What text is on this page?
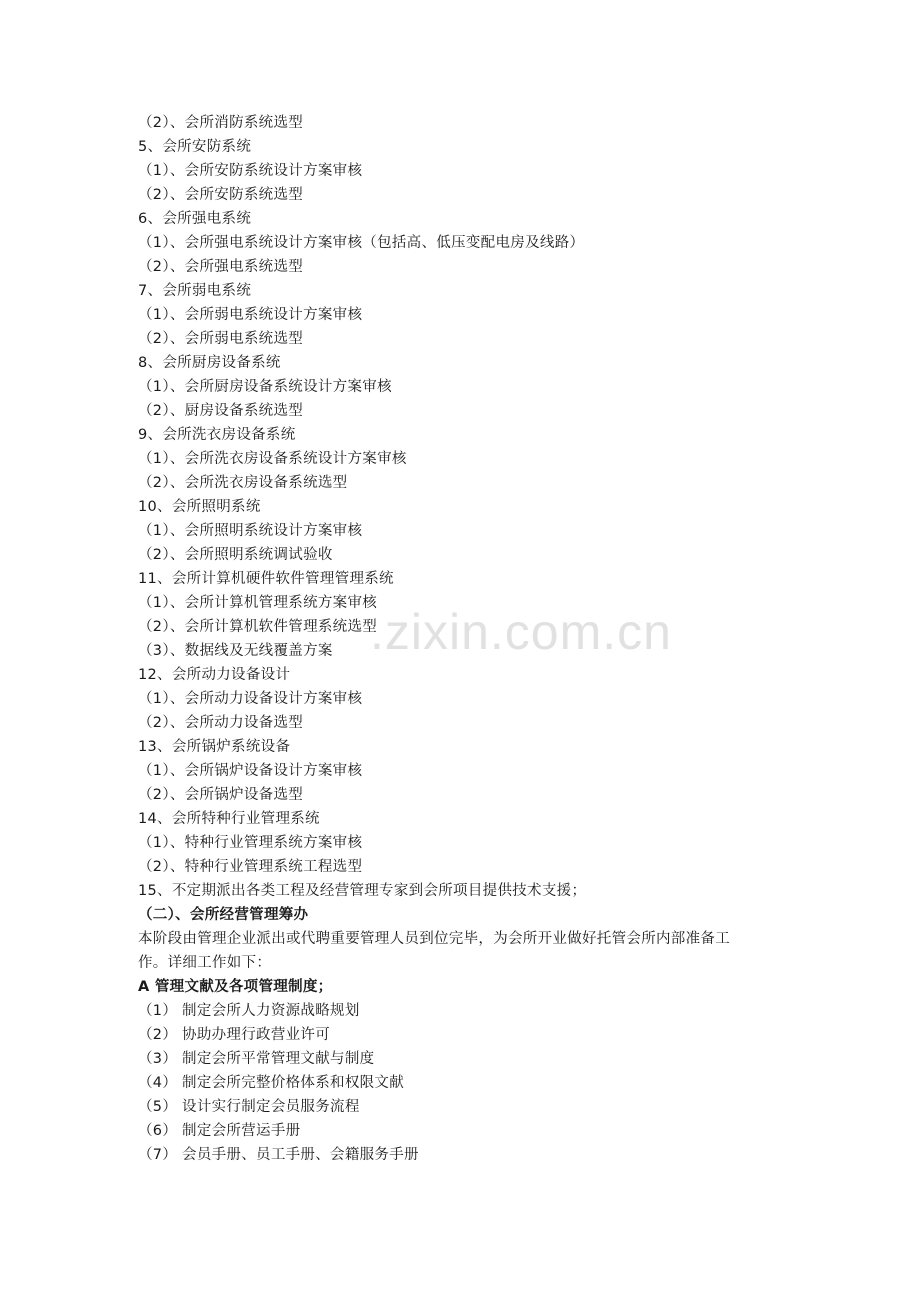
.zixin.com.cn
（2）、会所消防系统选型
5、会所安防系统
（1）、会所安防系统设计方案审核
（2）、会所安防系统选型
6、会所强电系统
（1）、会所强电系统设计方案审核（包括高、低压变配电房及线路）
（2）、会所强电系统选型
7、会所弱电系统
（1）、会所弱电系统设计方案审核
（2）、会所弱电系统选型
8、会所厨房设备系统
（1）、会所厨房设备系统设计方案审核
（2）、厨房设备系统选型
9、会所洗衣房设备系统
（1）、会所洗衣房设备系统设计方案审核
（2）、会所洗衣房设备系统选型
10、会所照明系统
（1）、会所照明系统设计方案审核
（2）、会所照明系统调试验收
11、会所计算机硬件软件管理管理系统
（1）、会所计算机管理系统方案审核
（2）、会所计算机软件管理系统选型
（3）、数据线及无线覆盖方案
12、会所动力设备设计
（1）、会所动力设备设计方案审核
（2）、会所动力设备选型
13、会所锅炉系统设备
（1）、会所锅炉设备设计方案审核
（2）、会所锅炉设备选型
14、会所特种行业管理系统
（1）、特种行业管理系统方案审核
（2）、特种行业管理系统工程选型
15、不定期派出各类工程及经营管理专家到会所项目提供技术支援；
（二）、会所经营管理筹办
本阶段由管理企业派出或代聘重要管理人员到位完毕，为会所开业做好托管会所内部准备工
作。详细工作如下：
A 管理文献及各项管理制度；
（1） 制定会所人力资源战略规划
（2） 协助办理行政营业许可
（3） 制定会所平常管理文献与制度
（4） 制定会所完整价格体系和权限文献
（5） 设计实行制定会员服务流程
（6） 制定会所营运手册
（7） 会员手册、员工手册、会籍服务手册
